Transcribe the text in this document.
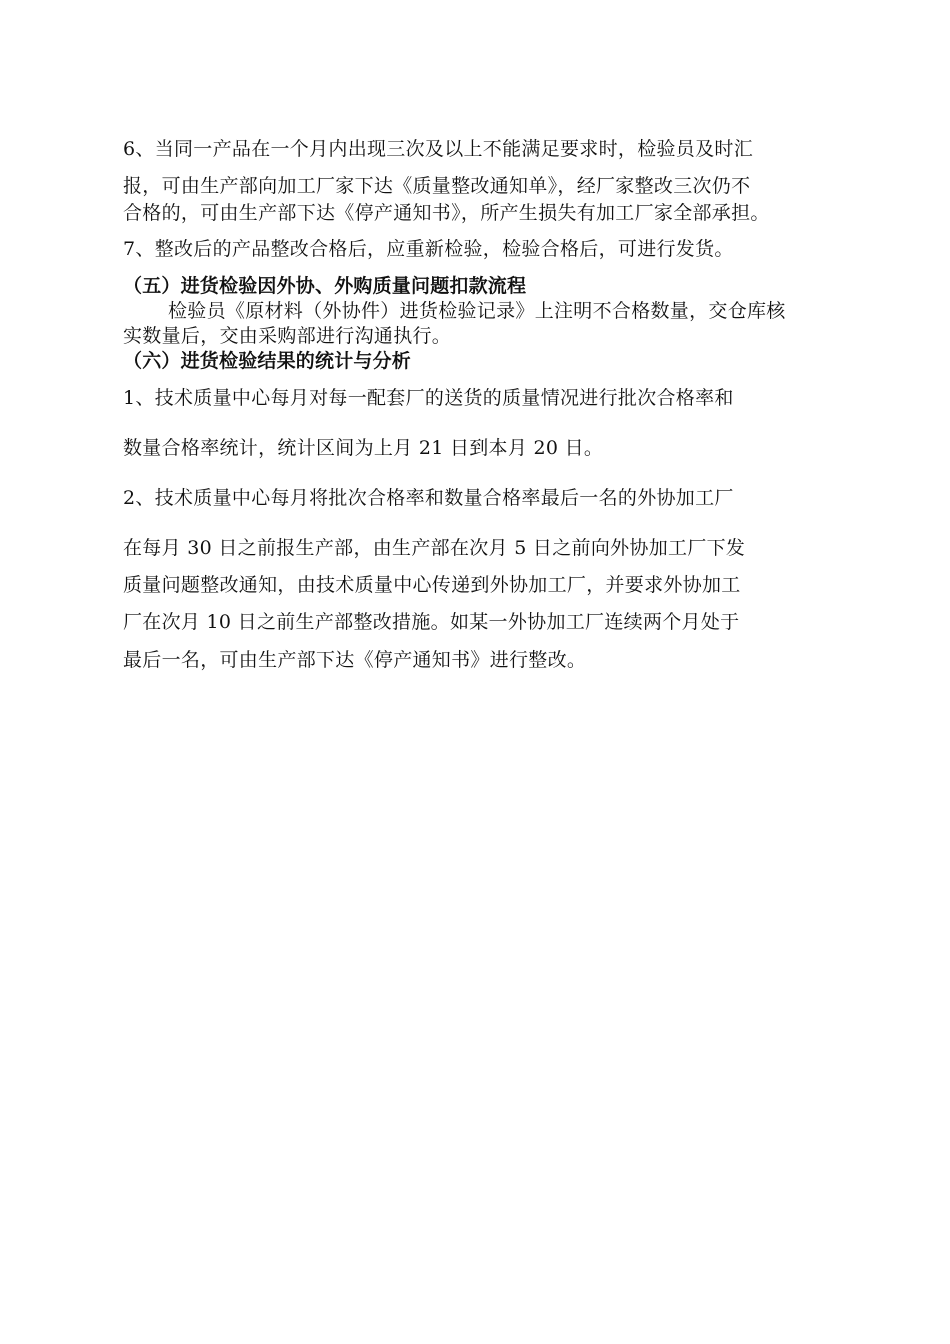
6、当同一产品在一个月内出现三次及以上不能满足要求时，检验员及时汇
报，可由生产部向加工厂家下达《质量整改通知单》，经厂家整改三次仍不
合格的，可由生产部下达《停产通知书》，所产生损失有加工厂家全部承担。
7、整改后的产品整改合格后，应重新检验，检验合格后，可进行发货。
（五）进货检验因外协、外购质量问题扣款流程
检验员《原材料（外协件）进货检验记录》上注明不合格数量，交仓库核
实数量后，交由采购部进行沟通执行。
（六）进货检验结果的统计与分析
1、技术质量中心每月对每一配套厂的送货的质量情况进行批次合格率和
数量合格率统计，统计区间为上月 21 日到本月 20 日。
2、技术质量中心每月将批次合格率和数量合格率最后一名的外协加工厂
在每月 30 日之前报生产部，由生产部在次月 5 日之前向外协加工厂下发
质量问题整改通知，由技术质量中心传递到外协加工厂，并要求外协加工
厂在次月 10 日之前生产部整改措施。如某一外协加工厂连续两个月处于
最后一名，可由生产部下达《停产通知书》进行整改。
